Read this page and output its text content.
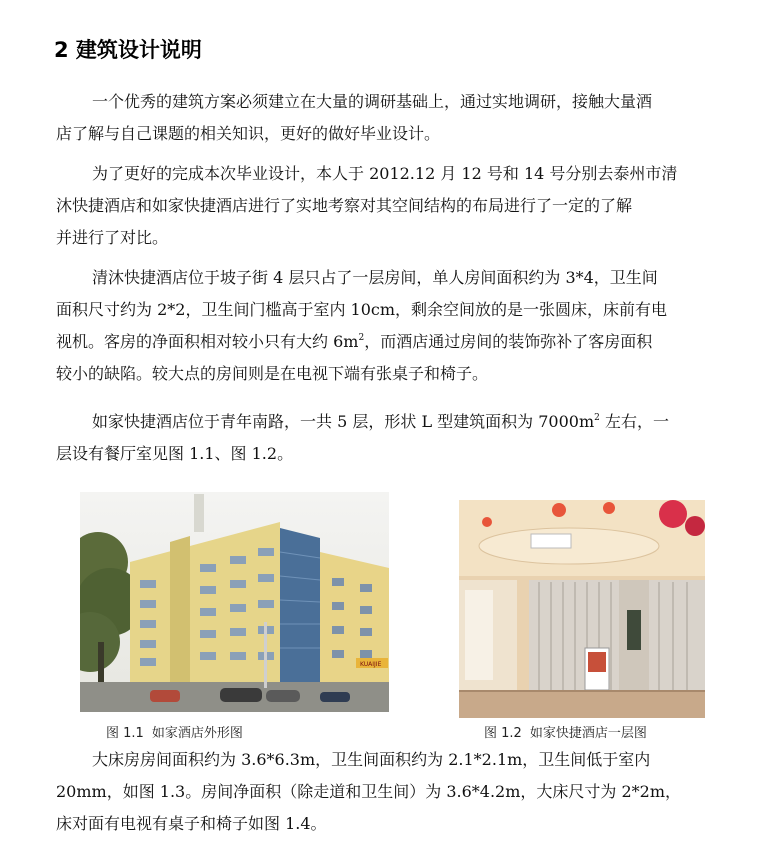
2 建筑设计说明

一个优秀的建筑方案必须建立在大量的调研基础上，通过实地调研，接触大量酒
店了解与自己课题的相关知识，更好的做好毕业设计。

为了更好的完成本次毕业设计，本人于 2012.12 月 12 号和 14 号分别去泰州市清
沐快捷酒店和如家快捷酒店进行了实地考察对其空间结构的布局进行了一定的了解
并进行了对比。

清沐快捷酒店位于坡子街 4 层只占了一层房间，单人房间面积约为 3*4，卫生间
面积尺寸约为 2*2，卫生间门槛高于室内 10cm，剩余空间放的是一张圆床，床前有电
视机。客房的净面积相对较小只有大约 $6m^2$，而酒店通过房间的装饰弥补了客房面积
较小的缺陷。较大点的房间则是在电视下端有张桌子和椅子。

如家快捷酒店位于青年南路，一共 5 层，形状 L 型建筑面积为 $7000m^2$ 左右，一
层设有餐厅室见图 1.1、图 1.2。

KUAIJIE
图 1.1 如家酒店外形图	图 1.2 如家快捷酒店一层图

大床房房间面积约为 3.6*6.3m，卫生间面积约为 2.1*2.1m，卫生间低于室内
20mm，如图 1.3。房间净面积（除走道和卫生间）为 3.6*4.2m，大床尺寸为 2*2m，
床对面有电视有桌子和椅子如图 1.4。
